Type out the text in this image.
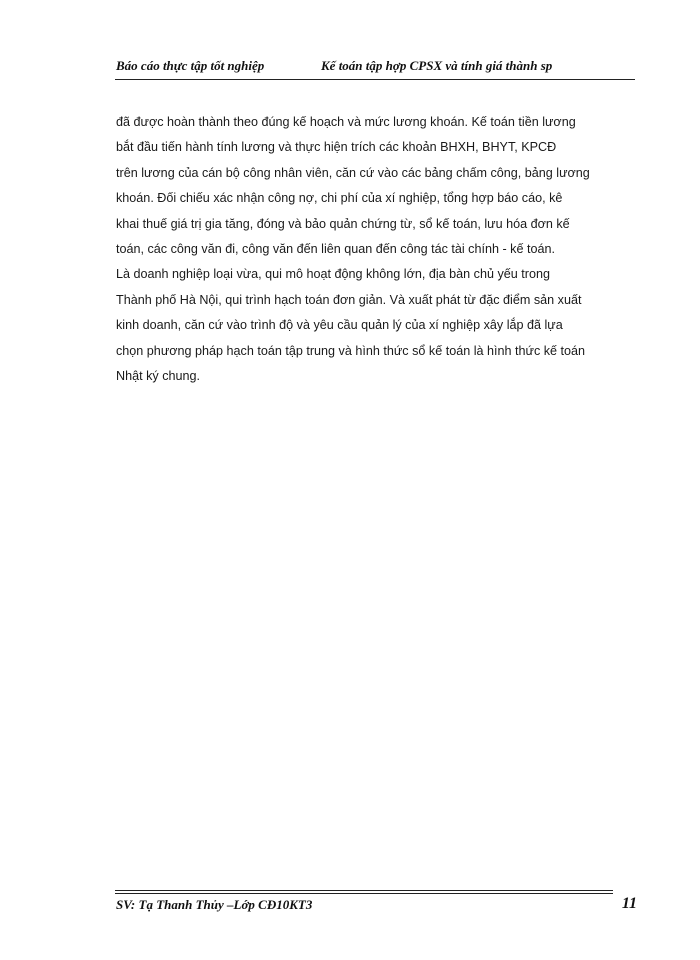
Báo cáo thực tập tốt nghiệp	Kế toán tập hợp CPSX và tính giá thành sp
đã được hoàn thành theo đúng kế hoạch và mức lương khoán. Kế toán tiền lương
bắt đầu tiến hành tính lương và thực hiện trích các khoản BHXH, BHYT, KPCĐ
trên lương của cán bộ công nhân viên, căn cứ vào các bảng chấm công, bảng lương
khoán. Đối chiếu xác nhận công nợ, chi phí của xí nghiệp, tổng hợp báo cáo, kê
khai thuế giá trị gia tăng, đóng và bảo quản chứng từ, sổ kế toán, lưu hóa đơn kế
toán, các công văn đi, công văn đến liên quan đến công tác tài chính - kế toán.
Là doanh nghiệp loại vừa, qui mô hoạt động không lớn, địa bàn chủ yếu trong
Thành phố Hà Nội, qui trình hạch toán đơn giản. Và xuất phát từ đặc điểm sản xuất
kinh doanh, căn cứ vào trình độ và yêu cầu quản lý của xí nghiệp xây lắp đã lựa
chọn phương pháp hạch toán tập trung và hình thức sổ kế toán là hình thức kế toán
Nhật ký chung.
SV: Tạ Thanh Thủy –Lớp CĐ10KT3	11
